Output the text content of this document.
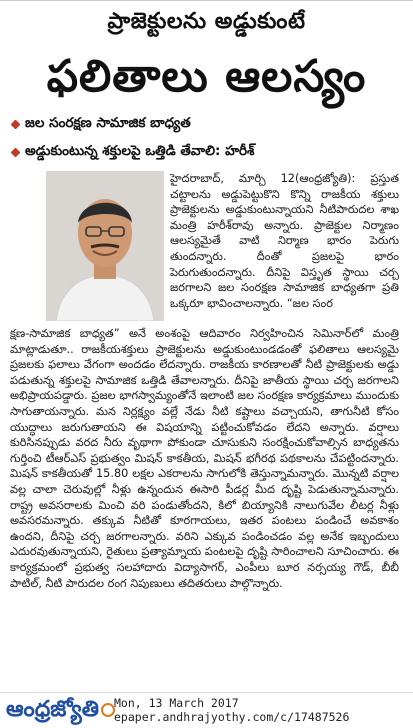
ప్రాజెక్టులను అడ్డుకుంటే
ఫలితాలు ఆలస్యం
జల సంరక్షణ సామాజిక బాధ్యత
అడ్డుకుంటున్న శక్తులపై ఒత్తిడి తేవాలి: హరీశ్
హైదరాబాద్, మార్చి 12(ఆంధ్రజ్యోతి): ప్రస్తుత చట్టాలను అడ్డుపెట్టుకొని కొన్ని రాజకీయ శక్తులు ప్రాజెక్టులను అడ్డుకుంటున్నాయని నీటిపారుదల శాఖ మంత్రి హరీశ్‌రావు అన్నారు. ప్రాజెక్టుల నిర్మాణం ఆలస్యమైతే వాటి నిర్మాణ భారం పెరుగు తుందన్నారు. దీంతో ప్రజలపై భారం పెరుగుతుందన్నారు. దీనిపై విస్తృత స్థాయి చర్చ జరగాలని జల సంరక్షణ సామాజిక బాధ్యతగా ప్రతి ఒక్కరూ భావించాలన్నారు. “జల సంర
క్షణ-సామాజిక బాధ్యత” అనే అంశంపై ఆదివారం నిర్వహించిన సెమినార్‌లో మంత్రి మాట్లాడుతూ.. రాజకీయశక్తులు ప్రాజెక్టులను అడ్డుకుంటుండడంతో ఫలితాలు ఆలస్యమై ప్రజలకు ఫలాలు వేగంగా అందడం లేదన్నారు. రాజకీయ కారణాలతో నీటి ప్రాజెక్టులకు అడ్డు పడుతున్న శక్తులపై సామాజిక ఒత్తిడి తేవాలన్నారు. దీనిపై జాతీయ స్థాయి చర్చ జరగాలని అభిప్రాయపడ్డారు. ప్రజల భాగస్వామ్యంతోనే ఇలాంటి జల సంరక్షణ కార్యక్రమాలు ముందుకు సాగుతాయన్నారు. మన నిర్లక్ష్యం వల్లే నేడు నీటి కష్టాలు వచ్చాయని, తాగునీటి కోసం యుద్ధాలు జరుగుతాయని ఈ విషయాన్ని పట్టించుకోవడం లేదని అన్నారు. వర్షాలు కురిసినప్పుడు వరద నీరు వృథాగా పోకుండా చూసుకుని సంరక్షించుకోవాల్సిన బాధ్యతను గుర్తించి టీఆర్‌ఎస్ ప్రభుత్వం మిషన్ కాకతీయ, మిషన్ భగీరథ పథకాలను చేపట్టిందన్నారు. మిషన్ కాకతీయతో 15.80 లక్షల ఎకరాలను సాగులోకి తెస్తున్నామన్నారు. మొన్నటి వర్షాల వల్ల చాలా చెరువుల్లో నీళ్లు ఉన్నందున ఈసారి పీడర్ల మీద దృష్టి పెడుతున్నామన్నారు. రాష్ట్ర అవసరాలకు మించి వరి పండుతోందని, కిలో బియ్యానికి నాలుగువేల లీటర్ల నీళ్లు అవసరమన్నారు. తక్కువ నీటితో కూరగాయలు, ఇతర పంటలు పండించే అవకాశం ఉందని, దీనిపై చర్చ జరగాలన్నారు. వరిని ఎక్కువ పండించడం వల్ల అనేక ఇబ్బందులు ఎదురవుతున్నాయని, రైతులు ప్రత్యామ్నాయ పంటలపై దృష్టి సారించాలని సూచించారు. ఈ కార్యక్రమంలో ప్రభుత్వ సలహాదారు విద్యాసాగర్, ఎంపీలు బూర నర్సయ్య గౌడ్, బీబీ పాటిల్, నీటి పారుదల రంగ నిపుణులు తదితరులు పాల్గొన్నారు.
ఆంధ్రజ్యోతి Mon, 13 March 2017
epaper.andhrajyothy.com/c/17487526
